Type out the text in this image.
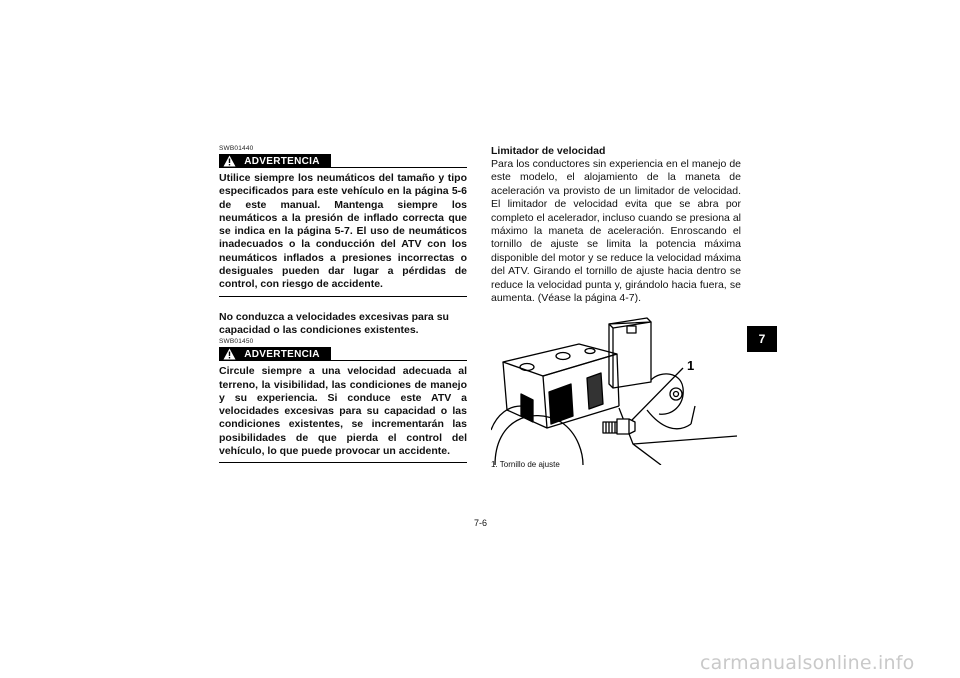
SWB01440
ADVERTENCIA
Utilice siempre los neumáticos del tamaño y tipo especificados para este vehículo en la página 5-6 de este manual. Mantenga siempre los neumáticos a la presión de inflado correcta que se indica en la página 5-7. El uso de neumáticos inadecuados o la conducción del ATV con los neumáticos inflados a presiones incorrectas o desiguales pueden dar lugar a pérdidas de control, con riesgo de accidente.
No conduzca a velocidades excesivas para su capacidad o las condiciones existentes.
SWB01450
ADVERTENCIA
Circule siempre a una velocidad adecuada al terreno, la visibilidad, las condiciones de manejo y su experiencia. Si conduce este ATV a velocidades excesivas para su capacidad o las condiciones existentes, se incrementarán las posibilidades de que pierda el control del vehículo, lo que puede provocar un accidente.
Limitador de velocidad

Para los conductores sin experiencia en el manejo de este modelo, el alojamiento de la maneta de aceleración va provisto de un limitador de velocidad. El limitador de velocidad evita que se abra por completo el acelerador, incluso cuando se presiona al máximo la maneta de aceleración. Enroscando el tornillo de ajuste se limita la potencia máxima disponible del motor y se reduce la velocidad máxima del ATV. Girando el tornillo de ajuste hacia dentro se reduce la velocidad punta y, girándolo hacia fuera, se aumenta. (Véase la página 4-7).

1
1. Tornillo de ajuste
7-6
7
carmanualsonline.info
